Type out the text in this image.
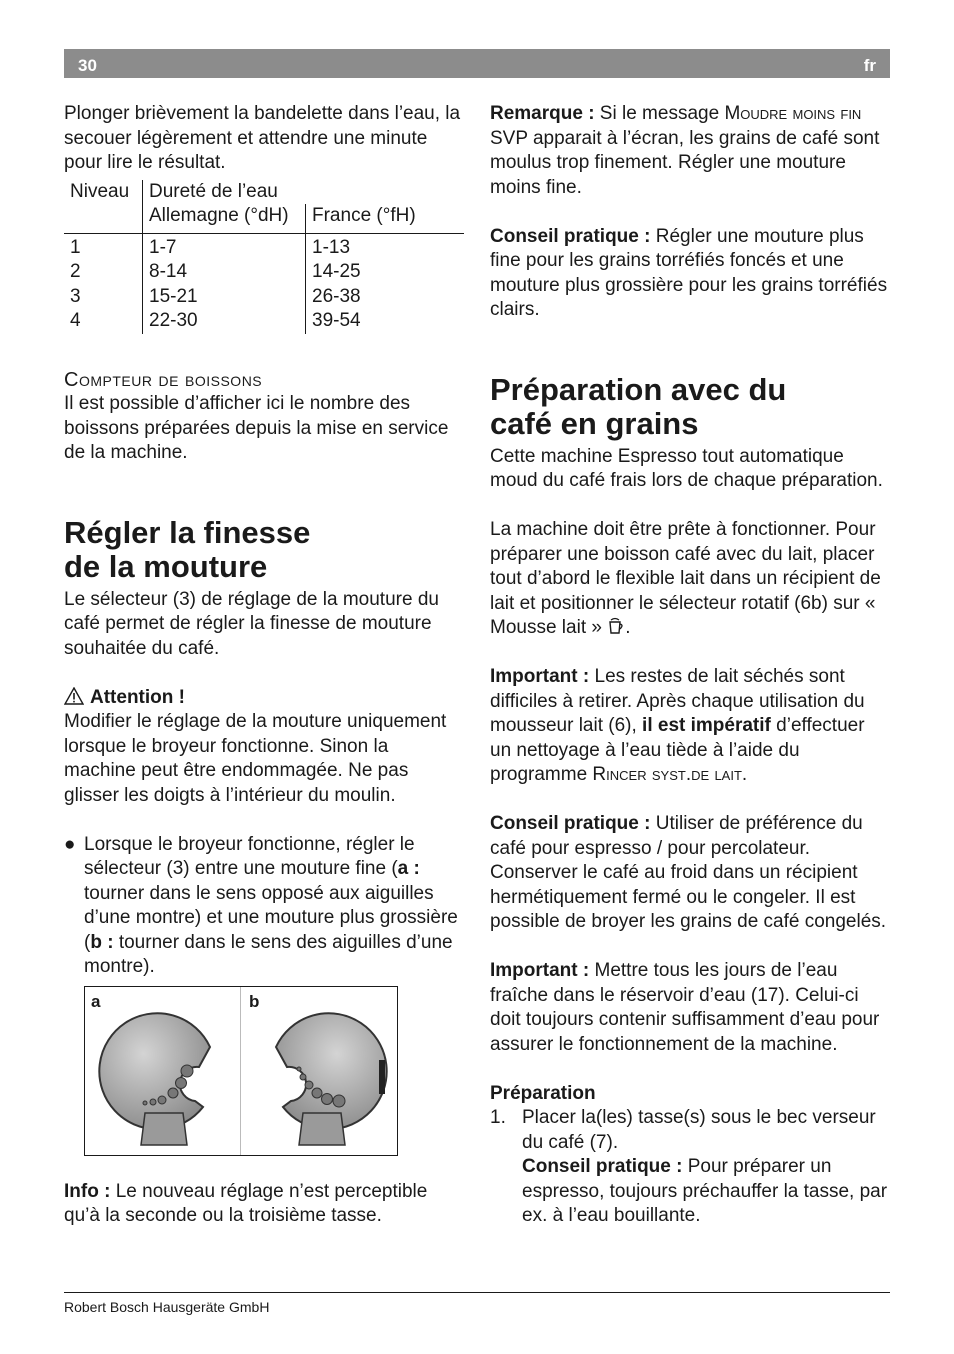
30	fr

Plonger brièvement la bandelette dans l’eau, la secouer légèrement et attendre une minute pour lire le résultat.

Niveau	Dureté de l’eau	
	Allemagne (°dH)	France (°fH)
1	1-7	1-13
2	8-14	14-25
3	15-21	26-38
4	22-30	39-54

Compteur de boissons

Il est possible d’afficher ici le nombre des boissons préparées depuis la mise en service de la machine.

Régler la finesse
de la mouture

Le sélecteur (3) de réglage de la mouture du café permet de régler la finesse de mouture souhaitée du café.

Attention !

Modifier le réglage de la mouture uniquement lorsque le broyeur fonctionne. Sinon la machine peut être endommagée. Ne pas glisser les doigts à l’intérieur du moulin.

● Lorsque le broyeur fonctionne, régler le sélecteur (3) entre une mouture fine (a : tourner dans le sens opposé aux aiguilles d’une montre) et une mouture plus grossière (b : tourner dans le sens des aiguilles d’une montre).
a	b

Info : Le nouveau réglage n’est perceptible qu’à la seconde ou la troisième tasse.

Remarque : Si le message Moudre moins fin SVP apparait à l’écran, les grains de café sont moulus trop finement. Régler une mouture moins fine.

Conseil pratique : Régler une mouture plus fine pour les grains torréfiés foncés et une mouture plus grossière pour les grains torréfiés clairs.

Préparation avec du
café en grains

Cette machine Espresso tout automatique moud du café frais lors de chaque préparation.

La machine doit être prête à fonctionner. Pour préparer une boisson café avec du lait, placer tout d’abord le flexible lait dans un récipient de lait et positionner le sélecteur rotatif (6b) sur « Mousse lait » .

Important : Les restes de lait séchés sont difficiles à retirer. Après chaque utilisation du mousseur lait (6), il est impératif d’effectuer un nettoyage à l’eau tiède à l’aide du programme Rincer syst.de lait.

Conseil pratique : Utiliser de préférence du café pour espresso / pour percolateur. Conserver le café au froid dans un récipient hermétiquement fermé ou le congeler. Il est possible de broyer les grains de café congelés.

Important : Mettre tous les jours de l’eau fraîche dans le réservoir d’eau (17). Celui-ci doit toujours contenir suffisamment d’eau pour assurer le fonctionnement de la machine.

Préparation

1. Placer la(les) tasse(s) sous le bec verseur du café (7).

Conseil pratique : Pour préparer un espresso, toujours préchauffer la tasse, par ex. à l’eau bouillante.

Robert Bosch Hausgeräte GmbH
